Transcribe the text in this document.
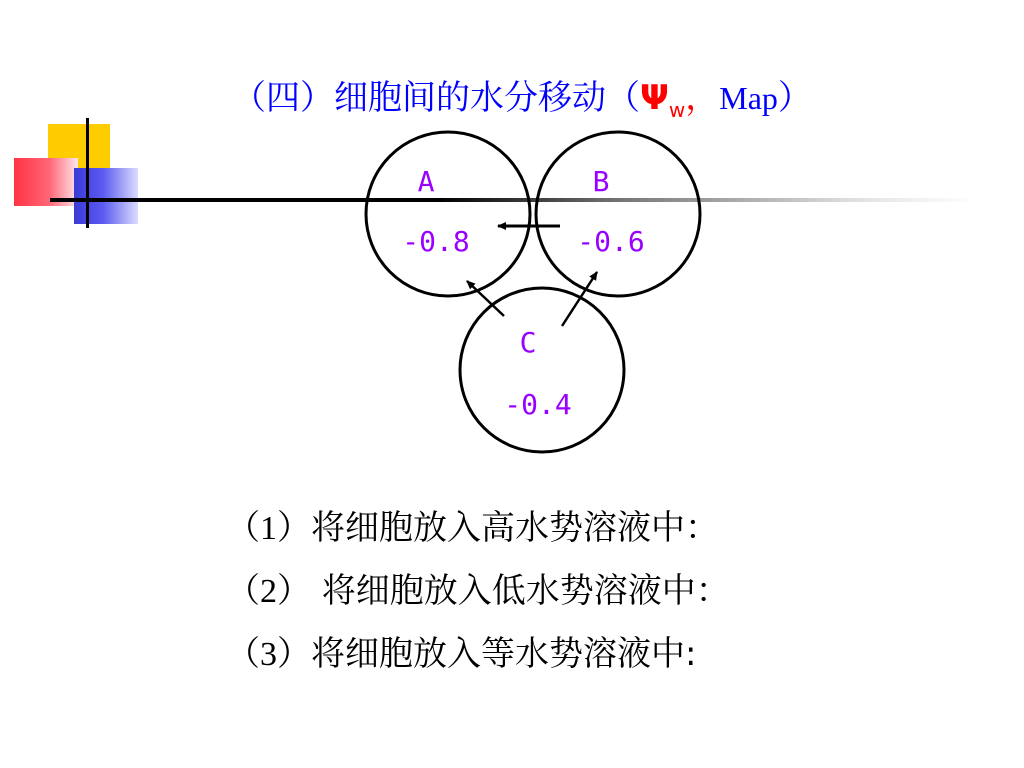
（四）细胞间的水分移动（$\Psi_w$，Map）
A
-0.8
B
-0.6
C
-0.4
（1）将细胞放入高水势溶液中：
（2） 将细胞放入低水势溶液中：
（3）将细胞放入等水势溶液中:
